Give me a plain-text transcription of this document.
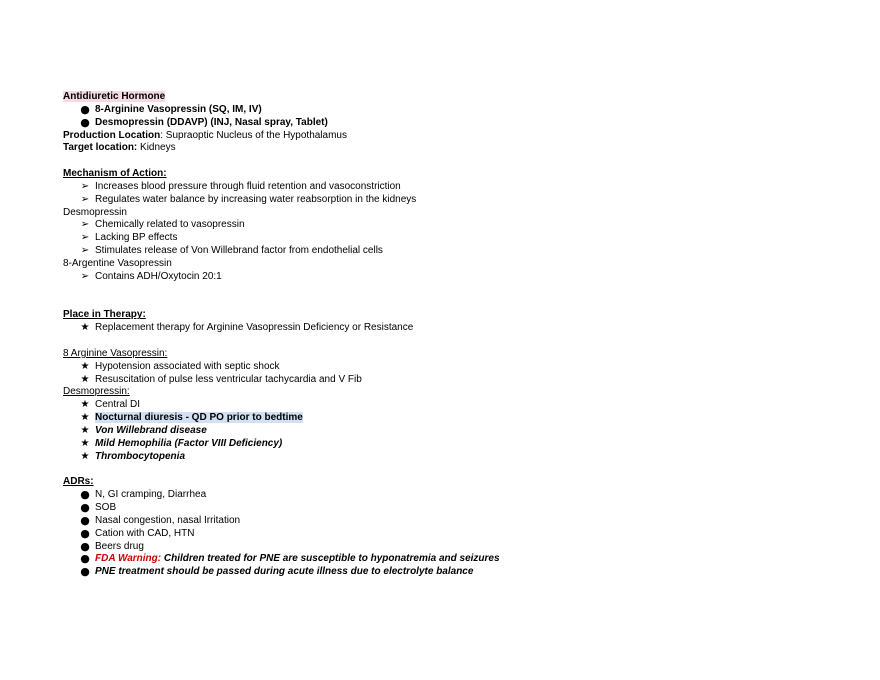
Antidiuretic Hormone
● 8-Arginine Vasopressin (SQ, IM, IV)
● Desmopressin (DDAVP) (INJ, Nasal spray, Tablet)
Production Location: Supraoptic Nucleus of the Hypothalamus
Target location: Kidneys
Mechanism of Action:
➢ Increases blood pressure through fluid retention and vasoconstriction
➢ Regulates water balance by increasing water reabsorption in the kidneys
Desmopressin
➢ Chemically related to vasopressin
➢ Lacking BP effects
➢ Stimulates release of Von Willebrand factor from endothelial cells
8-Argentine Vasopressin
➢ Contains ADH/Oxytocin 20:1
Place in Therapy:
★ Replacement therapy for Arginine Vasopressin Deficiency or Resistance
8 Arginine Vasopressin:
★ Hypotension associated with septic shock
★ Resuscitation of pulse less ventricular tachycardia and V Fib
Desmopressin:
★ Central DI
★ Nocturnal diuresis - QD PO prior to bedtime
★ Von Willebrand disease
★ Mild Hemophilia (Factor VIII Deficiency)
★ Thrombocytopenia
ADRs:
● N, GI cramping, Diarrhea
● SOB
● Nasal congestion, nasal Irritation
● Cation with CAD, HTN
● Beers drug
● FDA Warning: Children treated for PNE are susceptible to hyponatremia and seizures
● PNE treatment should be passed during acute illness due to electrolyte balance
